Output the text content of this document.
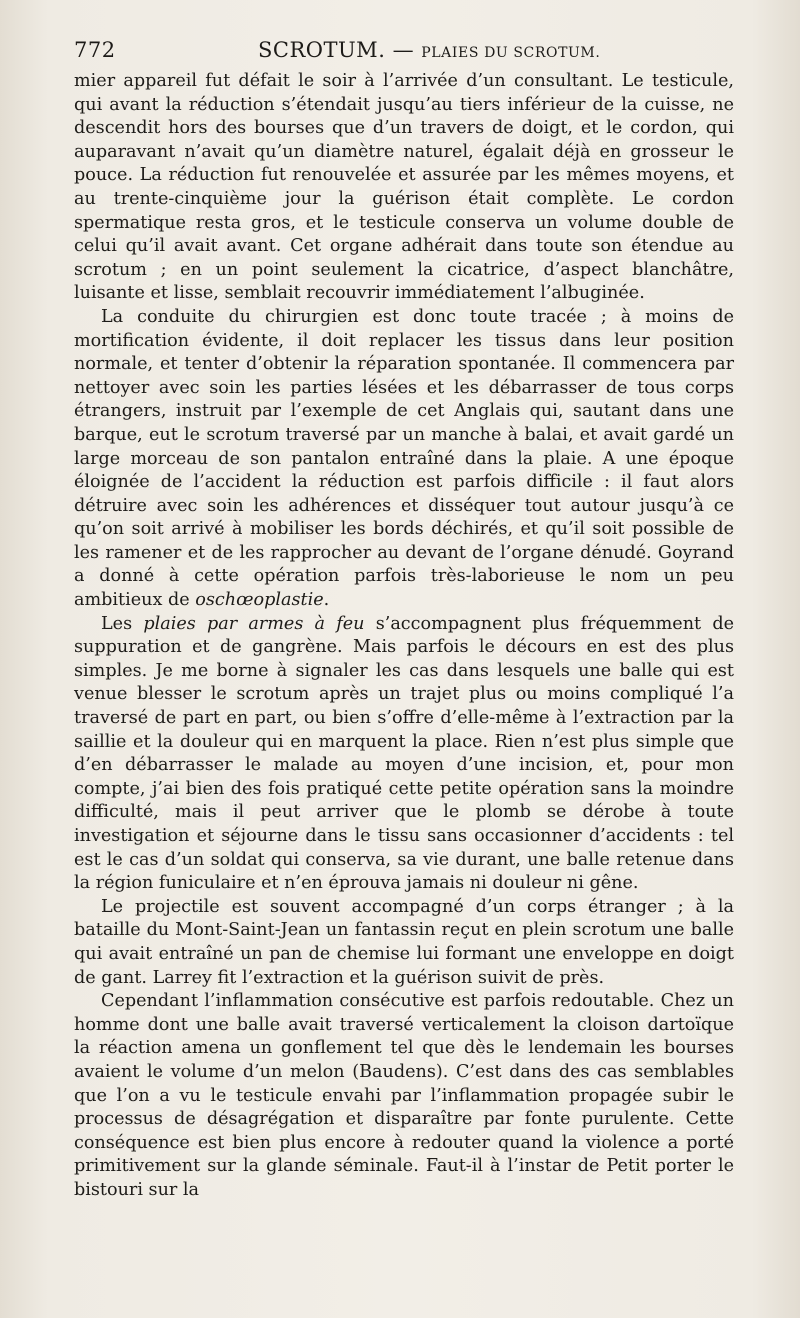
772	SCROTUM. — PLAIES DU SCROTUM.

mier appareil fut défait le soir à l’arrivée d’un consultant. Le testicule, qui avant la réduction s’étendait jusqu’au tiers inférieur de la cuisse, ne descendit hors des bourses que d’un travers de doigt, et le cordon, qui auparavant n’avait qu’un diamètre naturel, égalait déjà en grosseur le pouce. La réduction fut renouvelée et assurée par les mêmes moyens, et au trente-cinquième jour la guérison était complète. Le cordon spermatique resta gros, et le testicule conserva un volume double de celui qu’il avait avant. Cet organe adhérait dans toute son étendue au scrotum ; en un point seulement la cicatrice, d’aspect blanchâtre, luisante et lisse, semblait recouvrir immédiatement l’albuginée.

La conduite du chirurgien est donc toute tracée ; à moins de mortification évidente, il doit replacer les tissus dans leur position normale, et tenter d’obtenir la réparation spontanée. Il commencera par nettoyer avec soin les parties lésées et les débarrasser de tous corps étrangers, instruit par l’exemple de cet Anglais qui, sautant dans une barque, eut le scrotum traversé par un manche à balai, et avait gardé un large morceau de son pantalon entraîné dans la plaie. A une époque éloignée de l’accident la réduction est parfois difficile : il faut alors détruire avec soin les adhérences et disséquer tout autour jusqu’à ce qu’on soit arrivé à mobiliser les bords déchirés, et qu’il soit possible de les ramener et de les rapprocher au devant de l’organe dénudé. Goyrand a donné à cette opération parfois très-laborieuse le nom un peu ambitieux de oschœoplastie.

Les plaies par armes à feu s’accompagnent plus fréquemment de suppuration et de gangrène. Mais parfois le décours en est des plus simples. Je me borne à signaler les cas dans lesquels une balle qui est venue blesser le scrotum après un trajet plus ou moins compliqué l’a traversé de part en part, ou bien s’offre d’elle-même à l’extraction par la saillie et la douleur qui en marquent la place. Rien n’est plus simple que d’en débarrasser le malade au moyen d’une incision, et, pour mon compte, j’ai bien des fois pratiqué cette petite opération sans la moindre difficulté, mais il peut arriver que le plomb se dérobe à toute investigation et séjourne dans le tissu sans occasionner d’accidents : tel est le cas d’un soldat qui conserva, sa vie durant, une balle retenue dans la région funiculaire et n’en éprouva jamais ni douleur ni gêne.

Le projectile est souvent accompagné d’un corps étranger ; à la bataille du Mont-Saint-Jean un fantassin reçut en plein scrotum une balle qui avait entraîné un pan de chemise lui formant une enveloppe en doigt de gant. Larrey fit l’extraction et la guérison suivit de près.

Cependant l’inflammation consécutive est parfois redoutable. Chez un homme dont une balle avait traversé verticalement la cloison dartoïque la réaction amena un gonflement tel que dès le lendemain les bourses avaient le volume d’un melon (Baudens). C’est dans des cas semblables que l’on a vu le testicule envahi par l’inflammation propagée subir le processus de désagrégation et disparaître par fonte purulente. Cette conséquence est bien plus encore à redouter quand la violence a porté primitivement sur la glande séminale. Faut-il à l’instar de Petit porter le bistouri sur la
